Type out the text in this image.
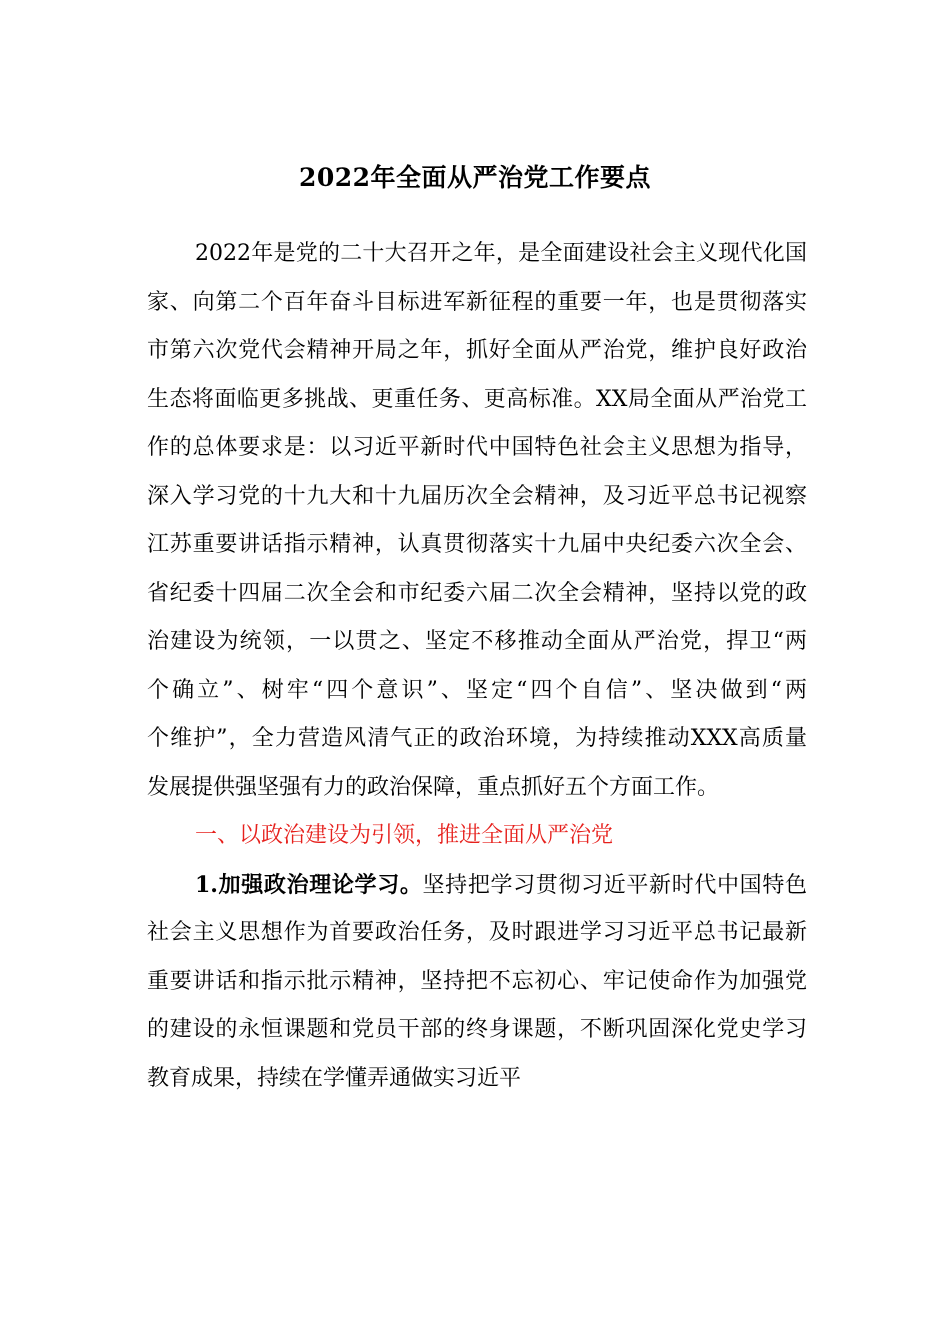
2022年全面从严治党工作要点
2022年是党的二十大召开之年，是全面建设社会主义现代化国
家、向第二个百年奋斗目标进军新征程的重要一年，也是贯彻落实
市第六次党代会精神开局之年，抓好全面从严治党，维护良好政治
生态将面临更多挑战、更重任务、更高标准。XX局全面从严治党工
作的总体要求是：以习近平新时代中国特色社会主义思想为指导，
深入学习党的十九大和十九届历次全会精神，及习近平总书记视察
江苏重要讲话指示精神，认真贯彻落实十九届中央纪委六次全会、
省纪委十四届二次全会和市纪委六届二次全会精神，坚持以党的政
治建设为统领，一以贯之、坚定不移推动全面从严治党，捍卫“两
个确立”、树牢“四个意识”、坚定“四个自信”、坚决做到“两
个维护”，全力营造风清气正的政治环境，为持续推动XXX高质量
发展提供强坚强有力的政治保障，重点抓好五个方面工作。
一、以政治建设为引领，推进全面从严治党
1.加强政治理论学习。坚持把学习贯彻习近平新时代中国特色
社会主义思想作为首要政治任务，及时跟进学习习近平总书记最新
重要讲话和指示批示精神，坚持把不忘初心、牢记使命作为加强党
的建设的永恒课题和党员干部的终身课题，不断巩固深化党史学习
教育成果，持续在学懂弄通做实习近平
